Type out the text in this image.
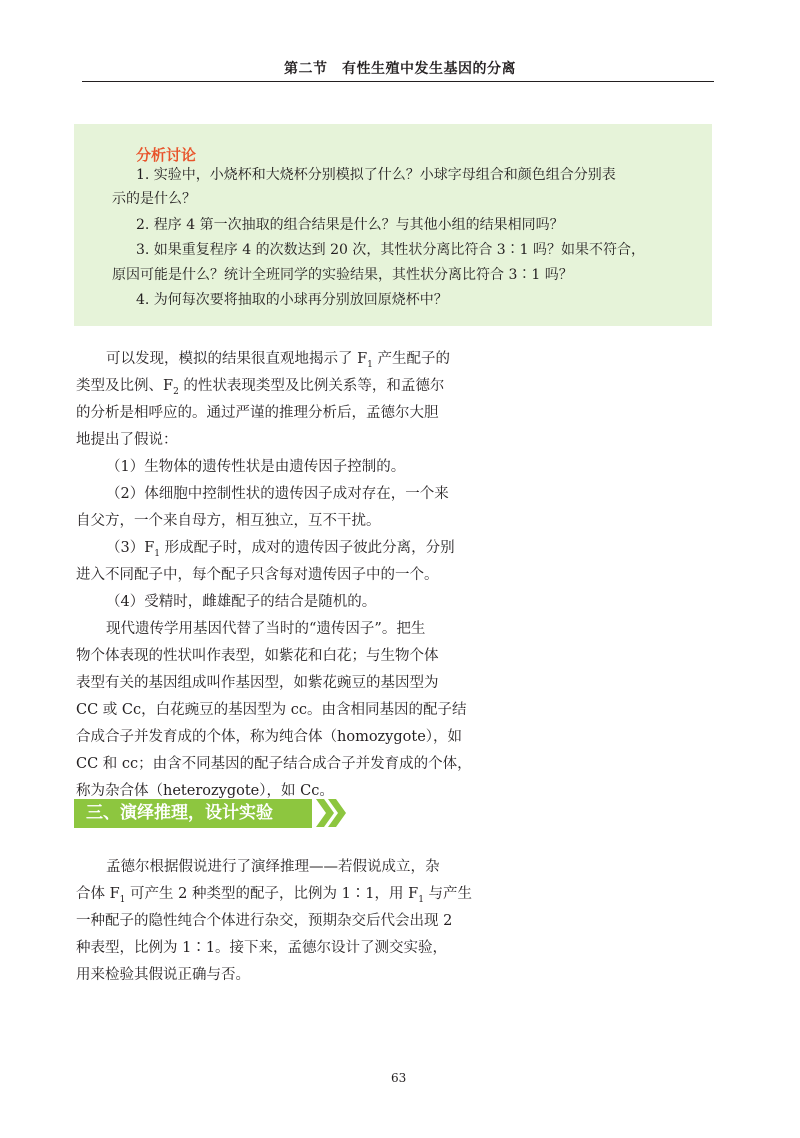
第二节　有性生殖中发生基因的分离
分析讨论
1. 实验中，小烧杯和大烧杯分别模拟了什么？小球字母组合和颜色组合分别表
示的是什么？
2. 程序 4 第一次抽取的组合结果是什么？与其他小组的结果相同吗？
3. 如果重复程序 4 的次数达到 20 次，其性状分离比符合 3∶1 吗？如果不符合，
原因可能是什么？统计全班同学的实验结果，其性状分离比符合 3∶1 吗？
4. 为何每次要将抽取的小球再分别放回原烧杯中？
可以发现，模拟的结果很直观地揭示了 $F_1$ 产生配子的
类型及比例、$F_2$ 的性状表现类型及比例关系等，和孟德尔
的分析是相呼应的。通过严谨的推理分析后，孟德尔大胆
地提出了假说：
（1）生物体的遗传性状是由遗传因子控制的。
（2）体细胞中控制性状的遗传因子成对存在，一个来
自父方，一个来自母方，相互独立，互不干扰。
$(3)F_1$ 形成配子时，成对的遗传因子彼此分离，分别
进入不同配子中，每个配子只含每对遗传因子中的一个。
（4）受精时，雌雄配子的结合是随机的。
现代遗传学用基因代替了当时的“遗传因子”。把生
物个体表现的性状叫作表型，如紫花和白花；与生物个体
表型有关的基因组成叫作基因型，如紫花豌豆的基因型为
CC 或 Cc，白花豌豆的基因型为 cc。由含相同基因的配子结
合成合子并发育成的个体，称为纯合体（homozygote），如
CC 和 cc；由含不同基因的配子结合成合子并发育成的个体，
称为杂合体（heterozygote），如 Cc。
三、演绎推理，设计实验
孟德尔根据假说进行了演绎推理——若假说成立，杂
合体 $F_1$ 可产生 2 种类型的配子，比例为 1∶1，用 $F_1$ 与产生
一种配子的隐性纯合个体进行杂交，预期杂交后代会出现 2
种表型，比例为 1∶1。接下来，孟德尔设计了测交实验，
用来检验其假说正确与否。
63
